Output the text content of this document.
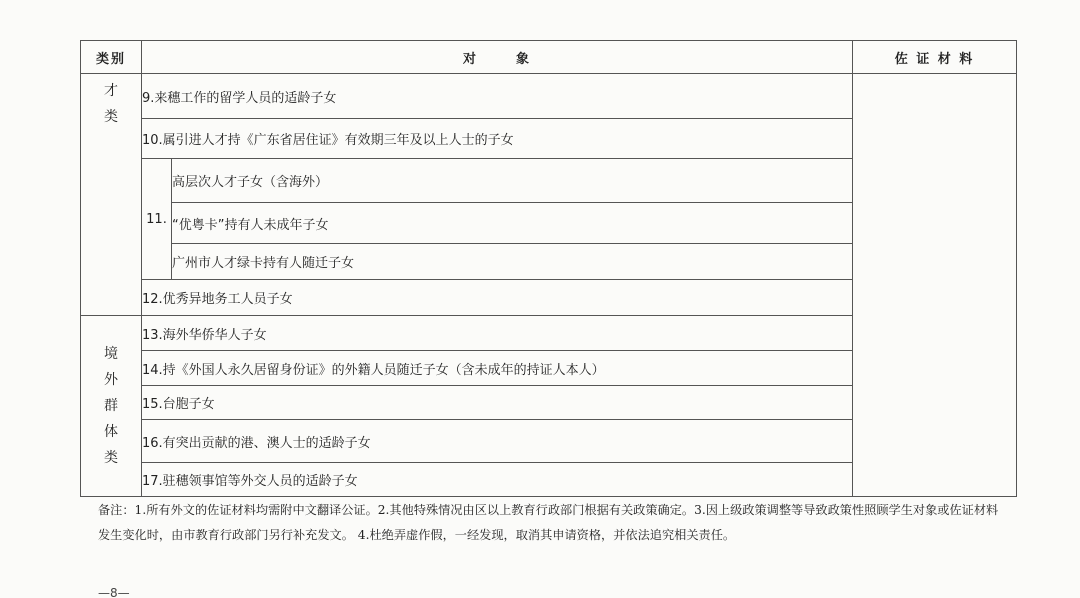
类别	对 象		佐 证 材 料
才类	9.来穗工作的留学人员的适龄子女		
	10.属引进人才持《广东省居住证》有效期三年及以上人士的子女		
	11.	高层次人才子女（含海外）	
		“优粤卡”持有人未成年子女	
		广州市人才绿卡持有人随迁子女	
	12.优秀异地务工人员子女		
境外群体类	13.海外华侨华人子女		
	14.持《外国人永久居留身份证》的外籍人员随迁子女（含未成年的持证人本人）		
	15.台胞子女		
	16.有突出贡献的港、澳人士的适龄子女		
	17.驻穗领事馆等外交人员的适龄子女		
备注：1.所有外文的佐证材料均需附中文翻译公证。2.其他特殊情况由区以上教育行政部门根据有关政策确定。3.因上级政策调整等导致政策性照顾学生对象或佐证材料发生变化时，由市教育行政部门另行补充发文。 4.杜绝弄虚作假，一经发现，取消其申请资格，并依法追究相关责任。
—8—
